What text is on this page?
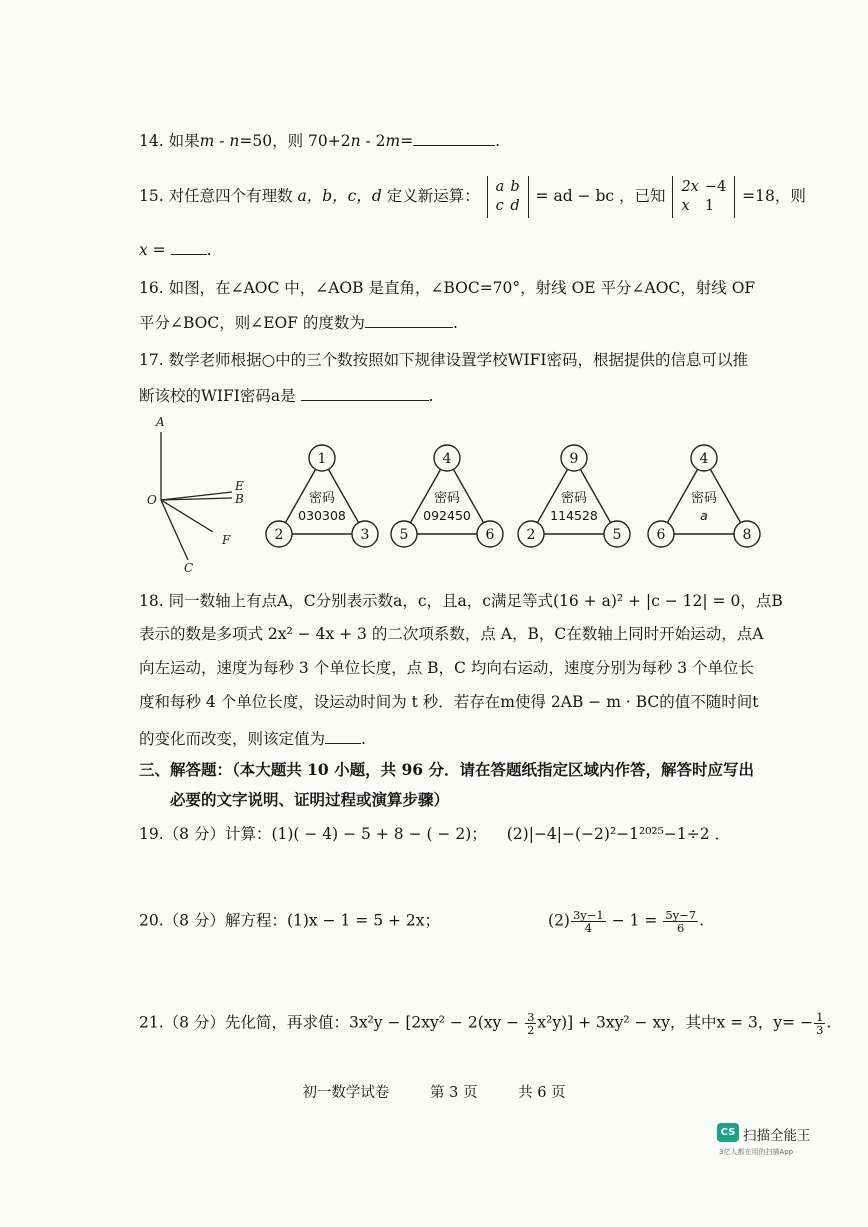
14. 如果m - n=50，则 70+2n - 2m=	.
15. 对任意四个有理数 a，b，c，d 定义新运算： a	b
c	d
= ad − bc ，已知 2x	−4
x	1
=18，则
x = .
16. 如图，在∠AOC 中，∠AOB 是直角，∠BOC=70°，射线 OE 平分∠AOC，射线 OF
平分∠BOC，则∠EOF 的度数为	.
17. 数学老师根据○中的三个数按照如下规律设置学校WIFI密码，根据提供的信息可以推
断该校的WIFI密码a是	.
A
E
B
O
F
C
1
2	3
密码
030308
4
5	6
密码
092450
9
2	5
密码
114528
4
6	8
密码
a
18. 同一数轴上有点A，C分别表示数a，c，且a，c满足等式(16 + a)² + |c − 12| = 0，点B
表示的数是多项式 2x² − 4x + 3 的二次项系数，点 A，B，C在数轴上同时开始运动，点A
向左运动，速度为每秒 3 个单位长度，点 B，C 均向右运动，速度分别为每秒 3 个单位长
度和每秒 4 个单位长度，设运动时间为 t 秒．若存在m使得 2AB − m · BC的值不随时间t
的变化而改变，则该定值为 .
三、解答题：（本大题共 10 小题，共 96 分．请在答题纸指定区域内作答，解答时应写出
必要的文字说明、证明过程或演算步骤）
19.（8 分）计算：(1)( − 4) − 5 + 8 − ( − 2)； (2)|−4|−(−2)²−1²⁰²⁵−1÷2 ．
20.（8 分）解方程：(1)x − 1 = 5 + 2x；	$(2) \frac{3y-1}{4} - 1 = \frac{5y-7}{6}$ .
21.（8 分）先化简，再求值：$3x^2y - [2xy^2 - 2(xy - \frac{3}{2} x^2y)] + 3xy^2$ − xy，其中x = 3，$y= - \frac{1}{3}$ .
初一数学试卷	第 3 页	共 6 页
CS 扫描全能王
3亿人都在用的扫描App
